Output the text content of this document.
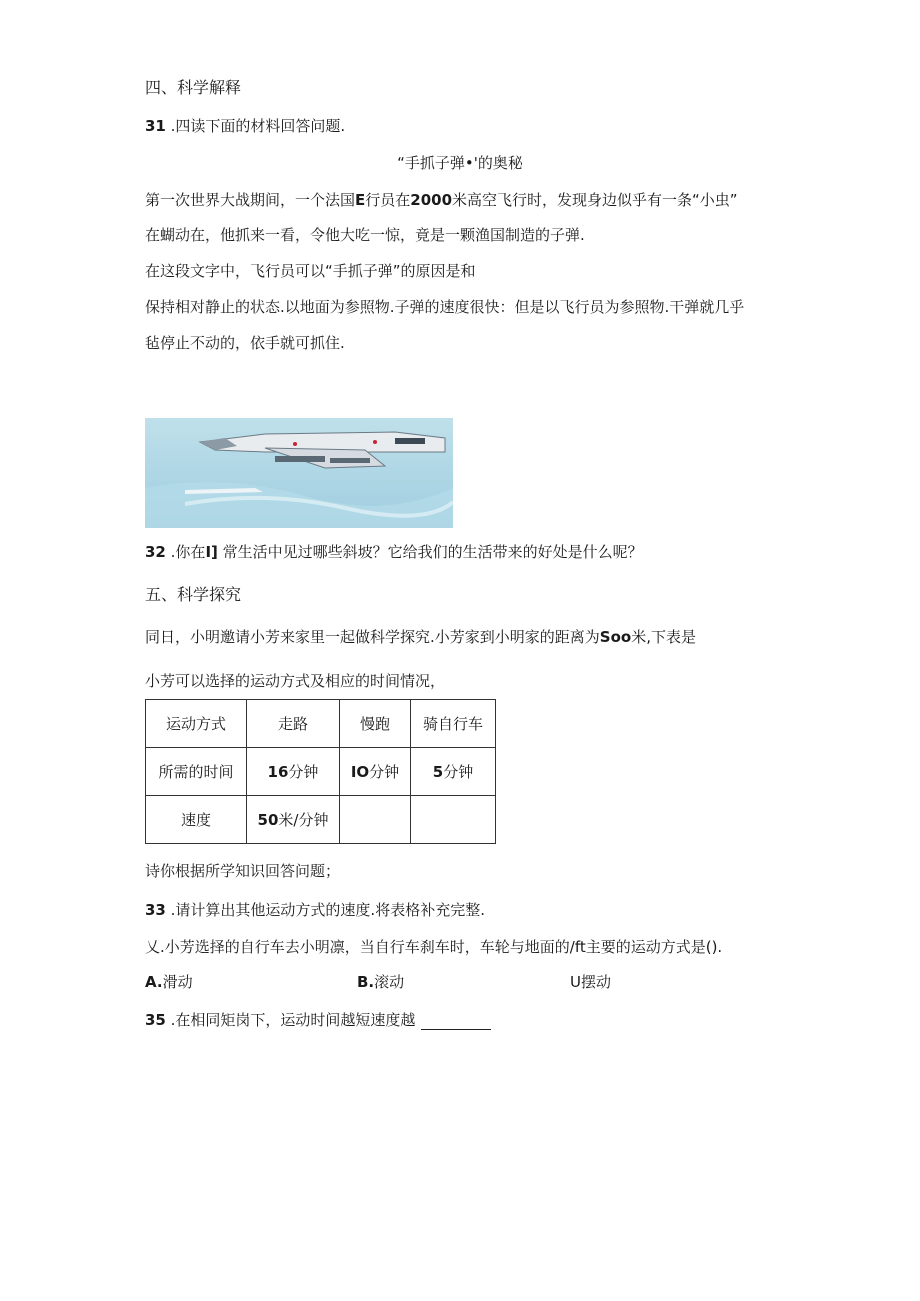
四、科学解释
31 .四读下面的材料回答问题.
“手抓子弹•'的奥秘
第一次世界大战期间，一个法国E行员在2000米高空飞行时，发现身边似乎有一条“小虫”
在蝴动在，他抓来一看，令他大吃一惊，竟是一颗渔国制造的子弹.
在这段文字中，飞行员可以“手抓子弹”的原因是和
保持相对静止的状态.以地面为参照物.子弹的速度很快：但是以飞行员为参照物.干弹就几乎
毡停止不动的，依手就可抓住.
32 .你在I] 常生活中见过哪些斜坡？它给我们的生活带来的好处是什么呢？
五、科学探究
同日，小明邀请小芳来家里一起做科学探究.小芳家到小明家的距离为Soo米,下表是
小芳可以选择的运动方式及相应的时间情况，
运动方式	走路	慢跑	骑自行车
所需的时间	16分钟	IO分钟	5分钟
速度	50米/分钟		
诗你根据所学知识回答问题；
33 .请计算出其他运动方式的速度.将表格补充完整.
乂.小芳选择的自行车去小明凛，当自行车刹车时，车轮与地面的/ft主要的运动方式是().
A.滑动	B.滚动	U摆动
35 .在相同矩岗下，运动时间越短速度越
